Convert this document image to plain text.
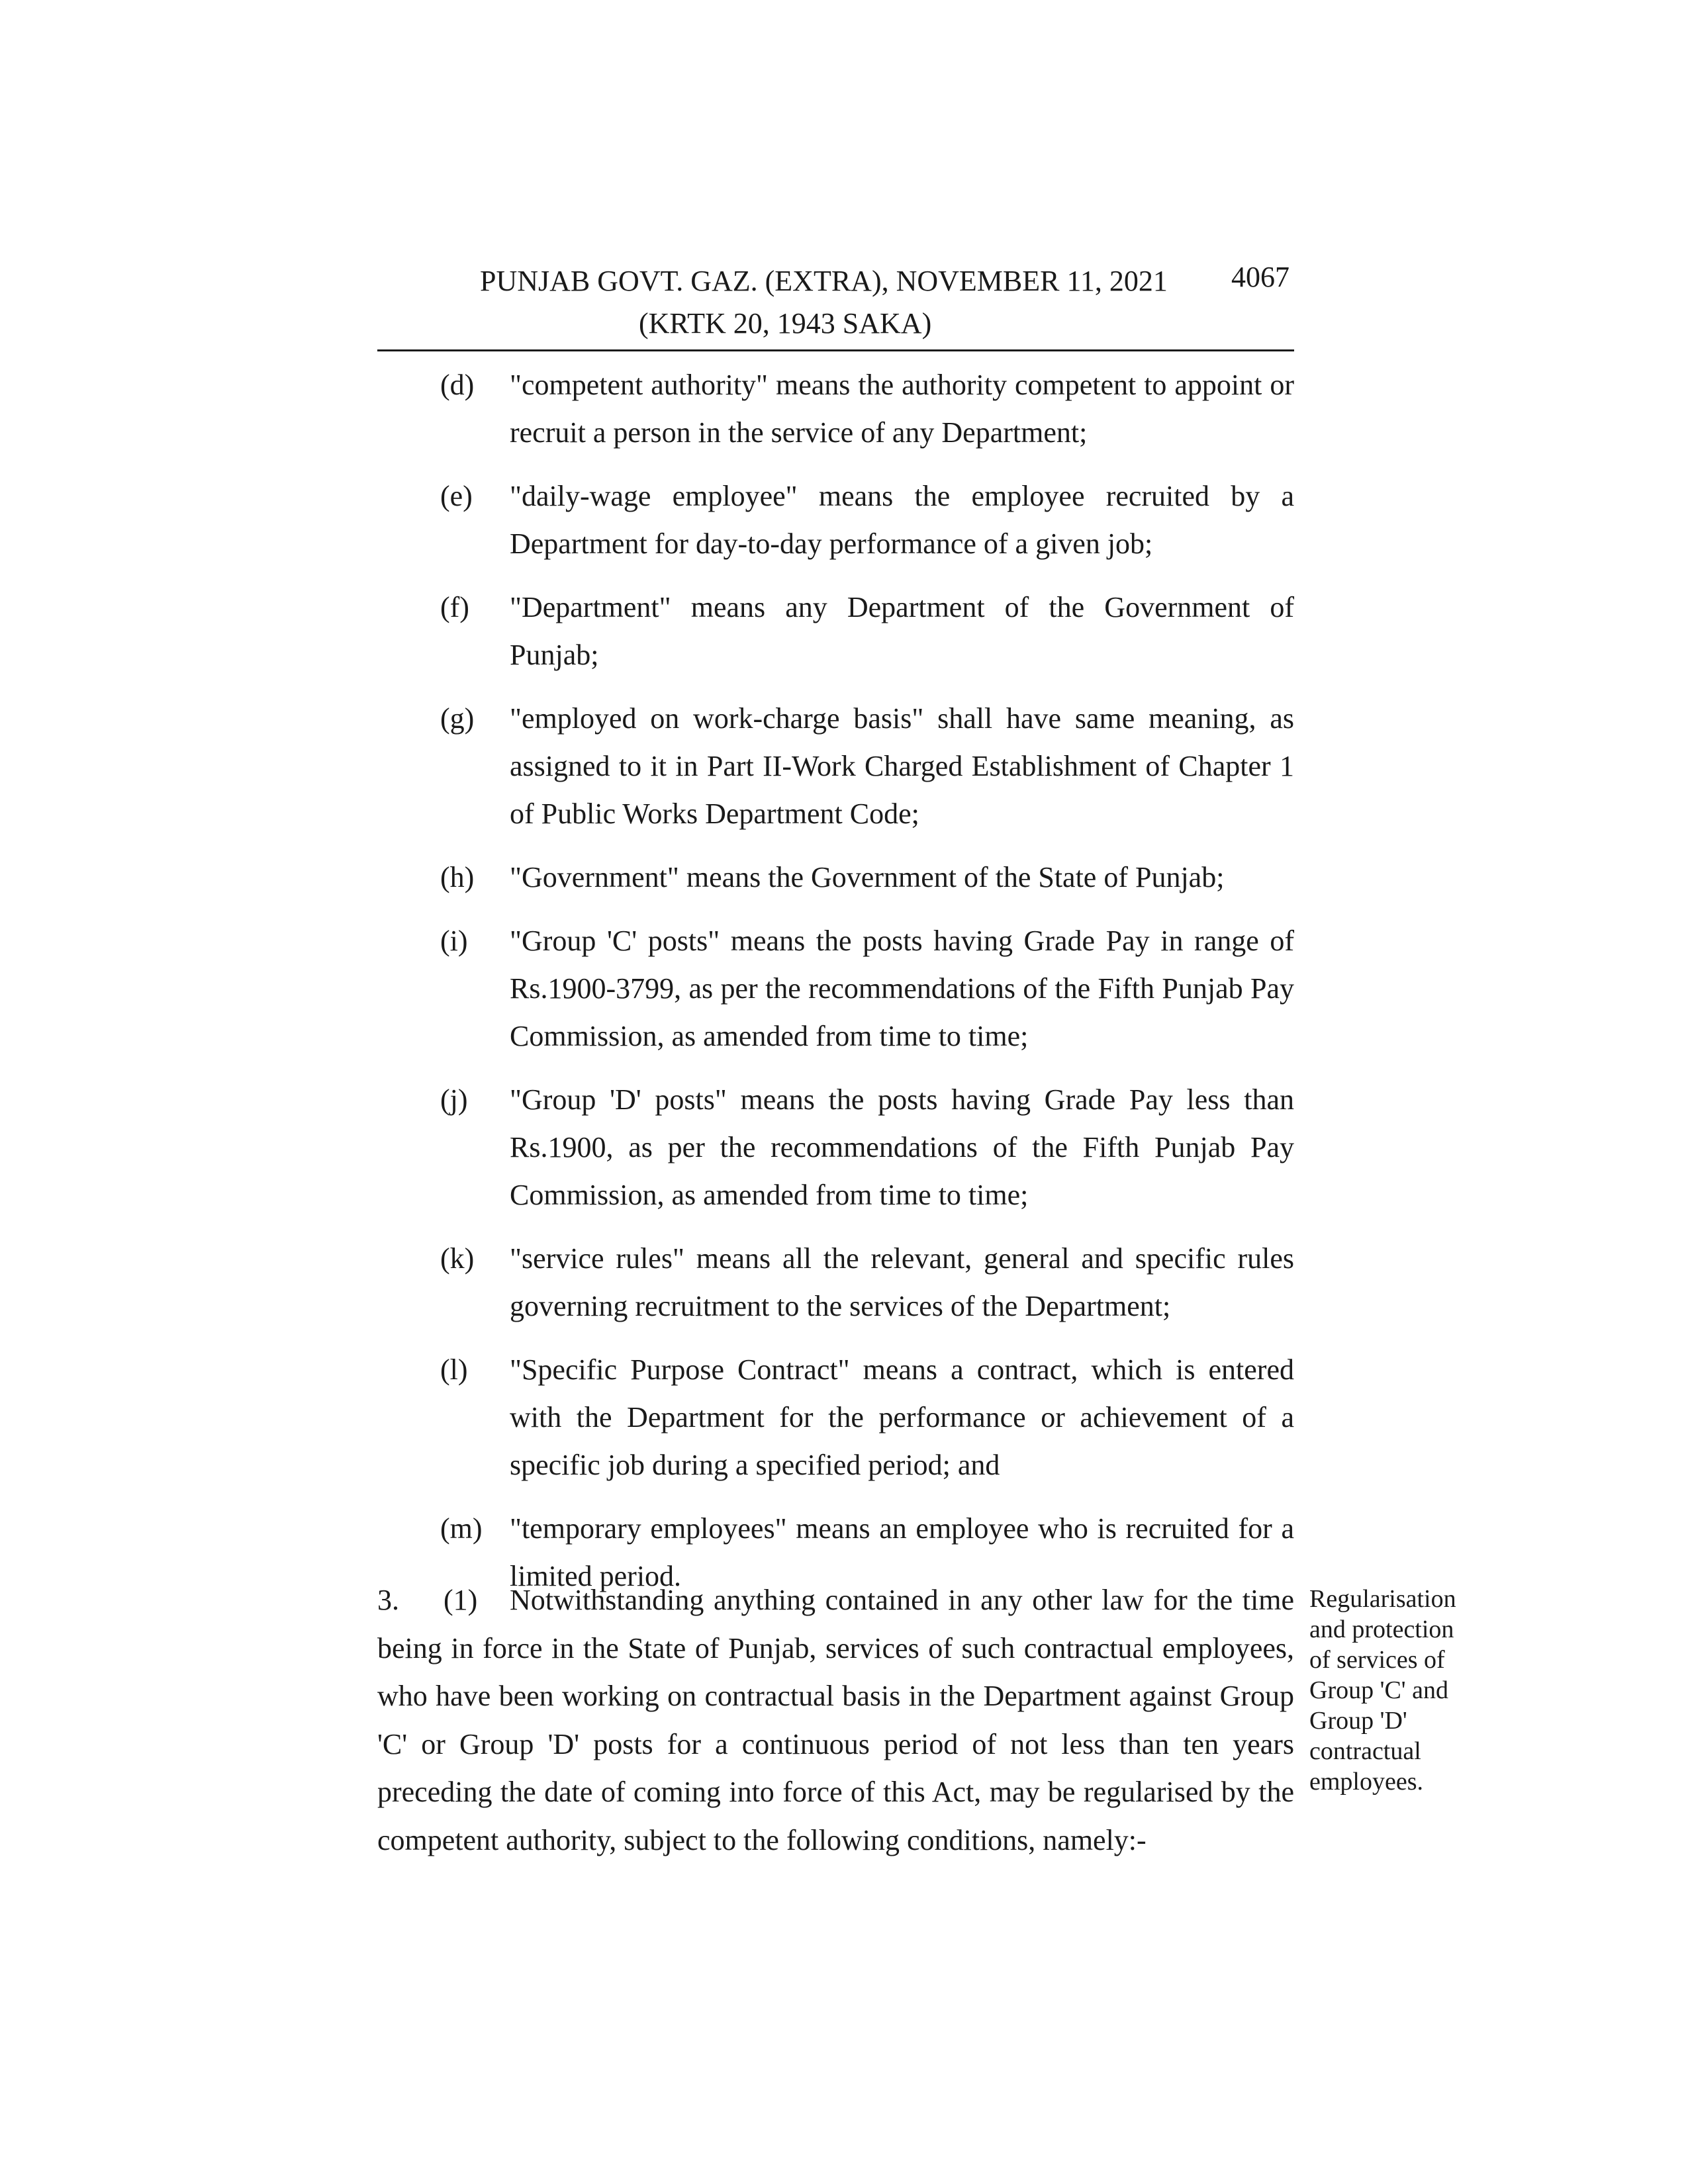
PUNJAB GOVT. GAZ. (EXTRA), NOVEMBER 11, 2021 4067
(KRTK 20, 1943 SAKA)
(d)	"competent authority" means the authority competent to appoint or recruit a person in the service of any Department;
(e)	"daily-wage employee" means the employee recruited by a Department for day-to-day performance of a given job;
(f)	"Department" means any Department of the Government of Punjab;
(g)	"employed on work-charge basis" shall have same meaning, as assigned to it in Part II-Work Charged Establishment of Chapter 1 of Public Works Department Code;
(h)	"Government" means the Government of the State of Punjab;
(i)	"Group 'C' posts" means the posts having Grade Pay in range of Rs.1900-3799, as per the recommendations of the Fifth Punjab Pay Commission, as amended from time to time;
(j)	"Group 'D' posts" means the posts having Grade Pay less than Rs.1900, as per the recommendations of the Fifth Punjab Pay Commission, as amended from time to time;
(k)	"service rules" means all the relevant, general and specific rules governing recruitment to the services of the Department;
(l)	"Specific Purpose Contract" means a contract, which is entered with the Department for the performance or achievement of a specific job during a specified period; and
(m) "temporary employees" means an employee who is recruited for a limited period.
3. (1) Notwithstanding anything contained in any other law for the time being in force in the State of Punjab, services of such contractual employees, who have been working on contractual basis in the Department against Group 'C' or Group 'D' posts for a continuous period of not less than ten years preceding the date of coming into force of this Act, may be regularised by the competent authority, subject to the following conditions, namely:-
Regularisation and protection of services of Group 'C' and Group 'D' contractual employees.
